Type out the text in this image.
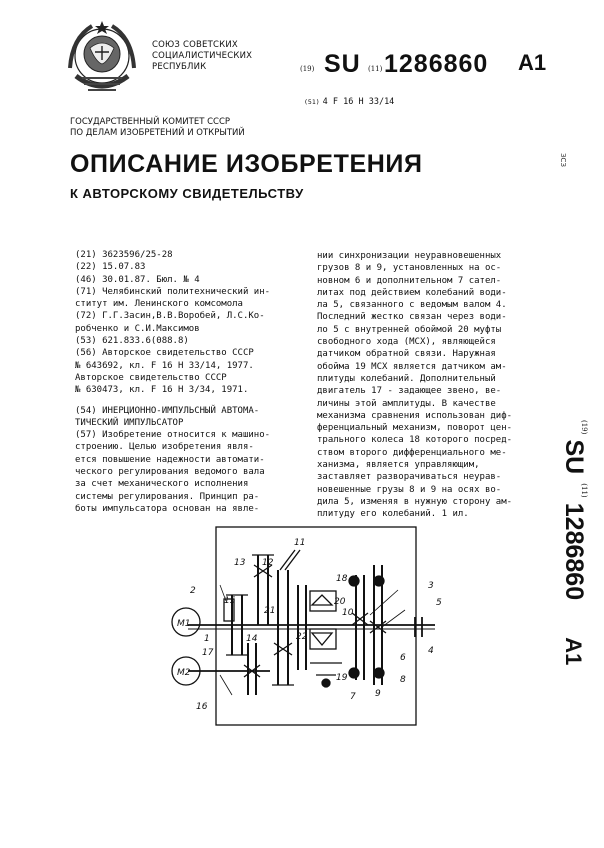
СОЮЗ СОВЕТСКИХ
СОЦИАЛИСТИЧЕСКИХ
РЕСПУБЛИК	(19) SU (11) 1286860 A1
(51) 4 F 16 H 33/14
ЗСЗ
ГОСУДАРСТВЕННЫЙ КОМИТЕТ СССР
ПО ДЕЛАМ ИЗОБРЕТЕНИЙ И ОТКРЫТИЙ
ОПИСАНИЕ ИЗОБРЕТЕНИЯ
К АВТОРСКОМУ СВИДЕТЕЛЬСТВУ
(21) 3623596/25-28
(22) 15.07.83
(46) 30.01.87. Бюл. № 4
(71) Челябинский политехнический ин-
ститут им. Ленинского комсомола
(72) Г.Г.Засин,В.В.Воробей, Л.С.Ко-
робченко и С.И.Максимов
(53) 621.833.6(088.8)
(56) Авторское свидетельство СССР
№ 643692, кл. F 16 H 33/14, 1977.
Авторское свидетельство СССР
№ 630473, кл. F 16 H 3/34, 1971.
(54) ИНЕРЦИОННО-ИМПУЛЬСНЫЙ АВТОМА-
ТИЧЕСКИЙ ИМПУЛЬСАТОР
(57) Изобретение относится к машино-
строению. Целью изобретения явля-
ется повышение надежности автомати-
ческого регулирования ведомого вала
за счет механического исполнения
системы регулирования. Принцип ра-
боты импульсатора основан на явле-
нии синхронизации неуравновешенных
грузов 8 и 9, установленных на ос-
новном 6 и дополнительном 7 сател-
литах под действием колебаний води-
ла 5, связанного с ведомым валом 4.
Последний жестко связан через води-
ло 5 с внутренней обоймой 20 муфты
свободного хода (МСХ), являющейся
датчиком обратной связи. Наружная
обойма 19 МСХ является датчиком ам-
плитуды колебаний. Дополнительный
двигатель 17 - задающее звено, ве-
личины этой амплитуды. В качестве
механизма сравнения использован диф-
ференциальный механизм, поворот цен-
трального колеса 18 которого посред-
ством второго дифференциального ме-
ханизма, является управляющим,
заставляет разворачиваться неурав-
новешенные грузы 8 и 9 на осях во-
дила 5, изменяя в нужную сторону ам-
плитуду его колебаний. 1 ил.
$^{(19)}$ SU $^{(11)}$ 1286860 A1
M1
M2
1
2	3
4
5
6
7
8
9
10
11
12
13
14
15
16
17
18
19
20
21
22
